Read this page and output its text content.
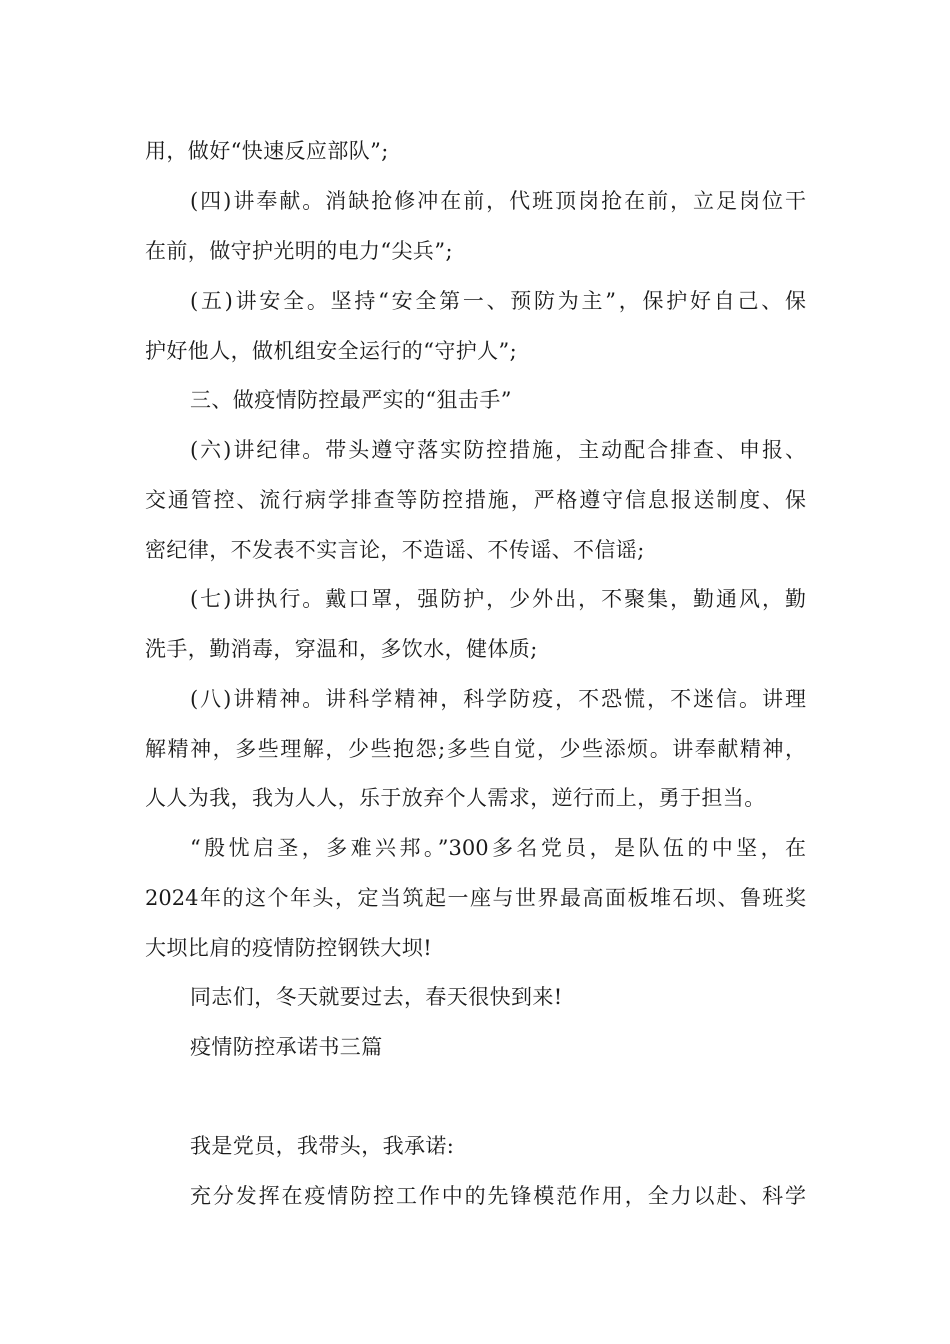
用，做好“快速反应部队”;
(四)讲奉献。消缺抢修冲在前，代班顶岗抢在前，立足岗位干
在前，做守护光明的电力“尖兵”;
(五)讲安全。坚持“安全第一、预防为主”，保护好自己、保
护好他人，做机组安全运行的“守护人”;
三、做疫情防控最严实的“狙击手”
(六)讲纪律。带头遵守落实防控措施，主动配合排查、申报、
交通管控、流行病学排查等防控措施，严格遵守信息报送制度、保
密纪律，不发表不实言论，不造谣、不传谣、不信谣;
(七)讲执行。戴口罩，强防护，少外出，不聚集，勤通风，勤
洗手，勤消毒，穿温和，多饮水，健体质;
(八)讲精神。讲科学精神，科学防疫，不恐慌，不迷信。讲理
解精神，多些理解，少些抱怨;多些自觉，少些添烦。讲奉献精神，
人人为我，我为人人，乐于放弃个人需求，逆行而上，勇于担当。
“殷忧启圣，多难兴邦。”300多名党员，是队伍的中坚，在
2024年的这个年头，定当筑起一座与世界最高面板堆石坝、鲁班奖
大坝比肩的疫情防控钢铁大坝!
同志们，冬天就要过去，春天很快到来!
疫情防控承诺书三篇
我是党员，我带头，我承诺:
充分发挥在疫情防控工作中的先锋模范作用，全力以赴、科学
